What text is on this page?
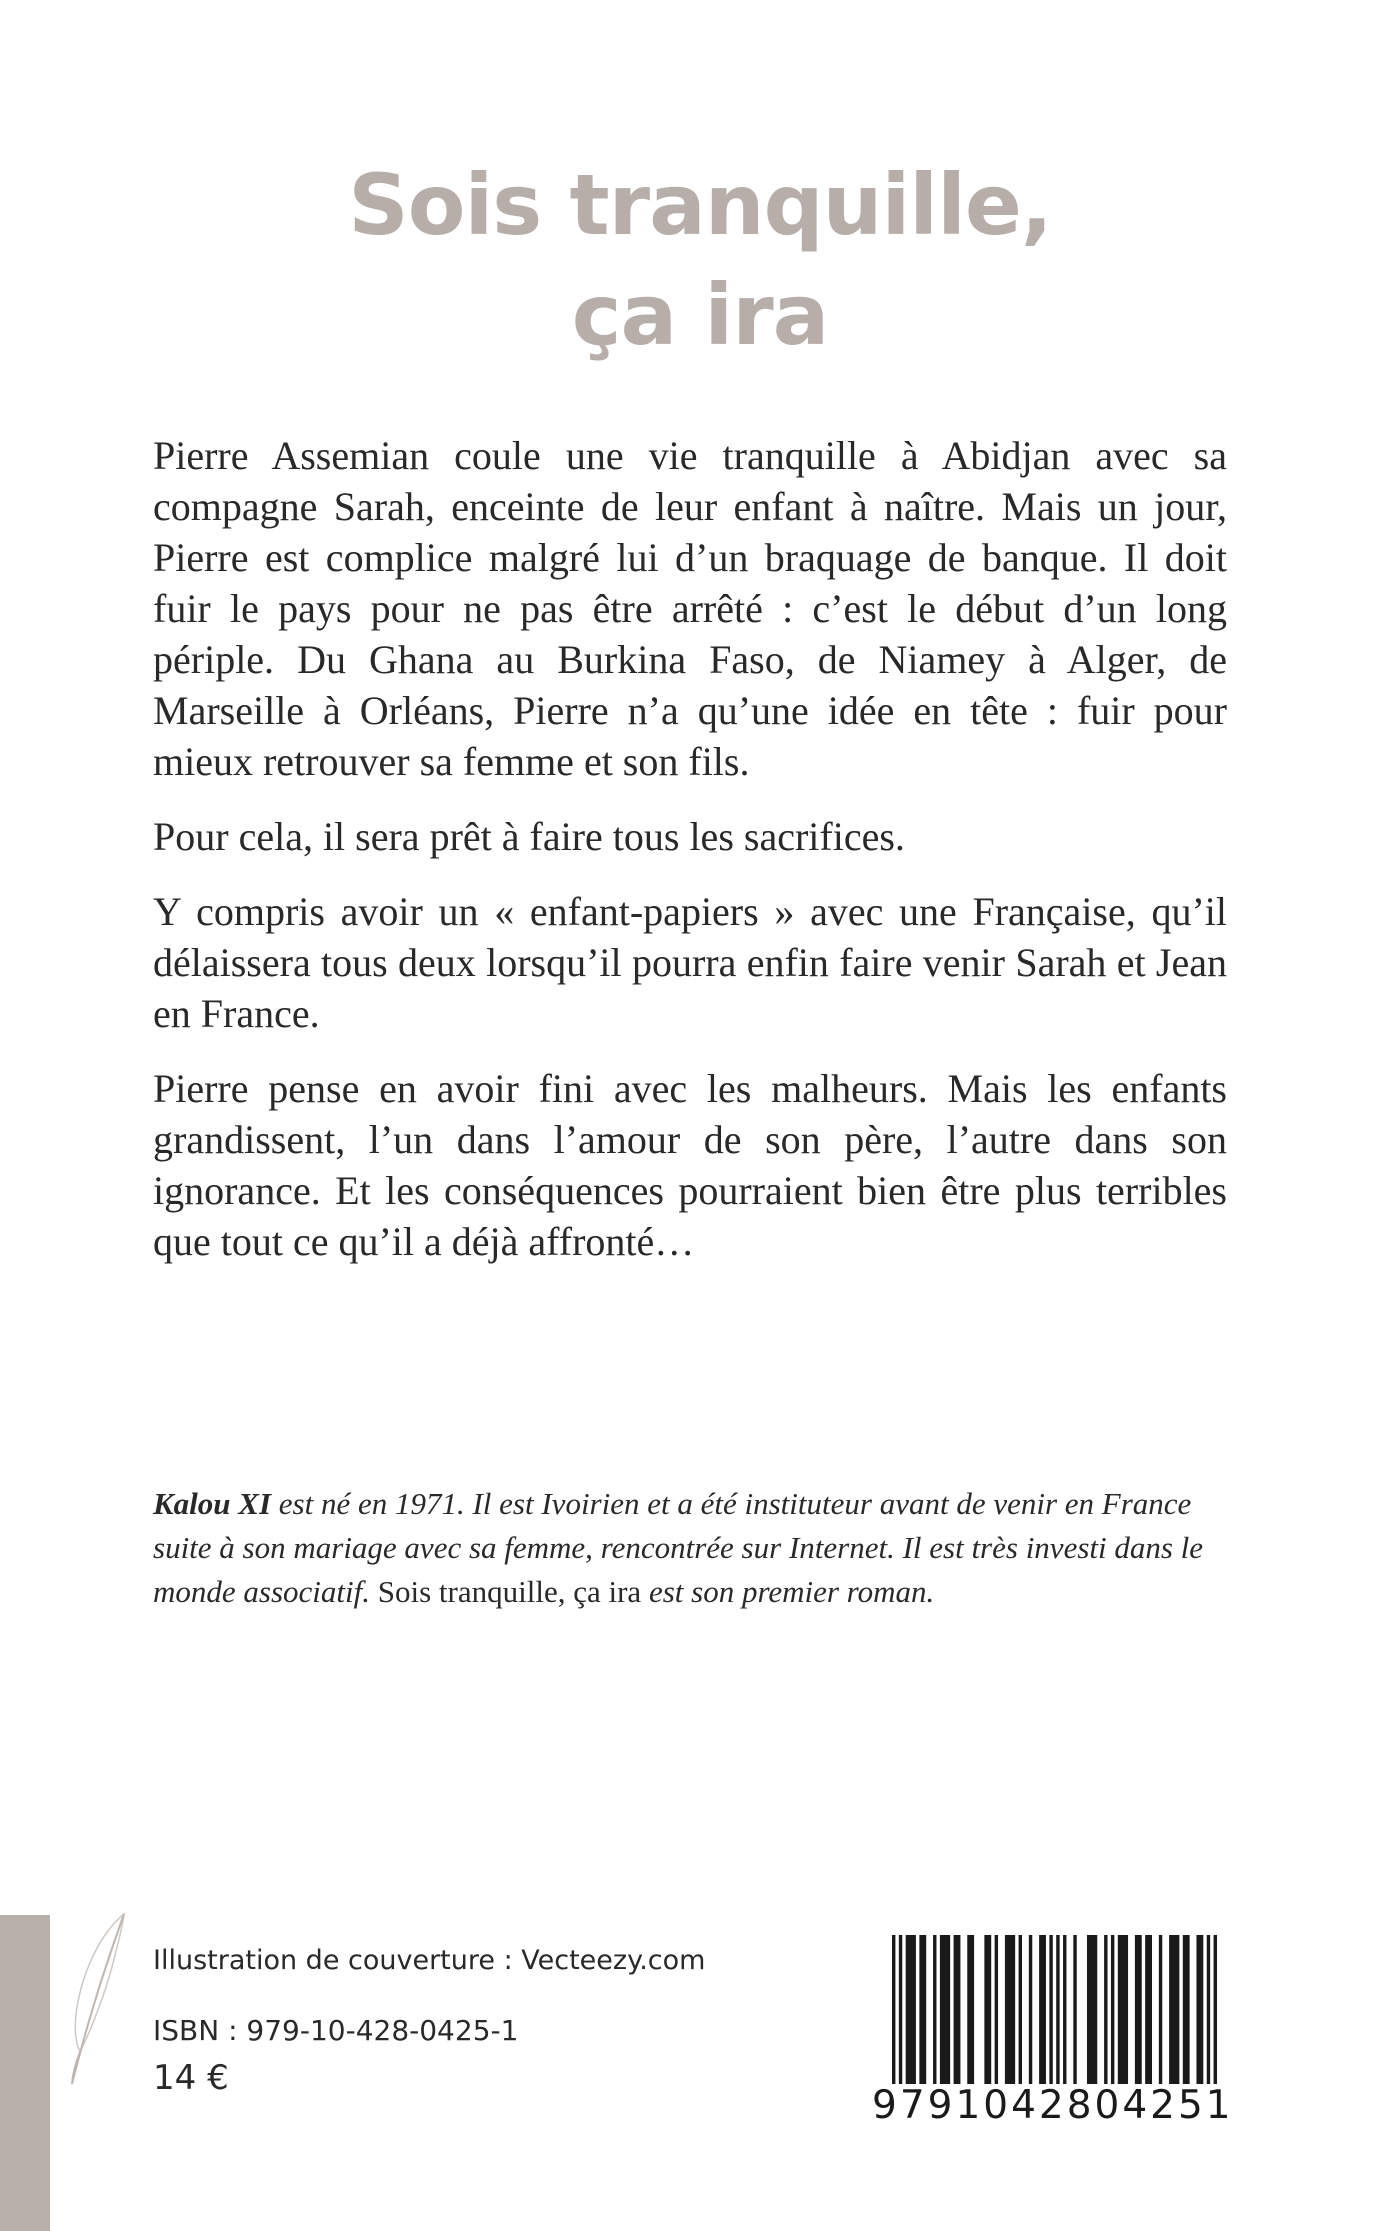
Sois tranquille,
ça ira

Pierre Assemian coule une vie tranquille à Abidjan avec sa compagne Sarah, enceinte de leur enfant à naître. Mais un jour, Pierre est complice malgré lui d’un braquage de banque. Il doit fuir le pays pour ne pas être arrêté : c’est le début d’un long périple. Du Ghana au Burkina Faso, de Niamey à Alger, de Marseille à Orléans, Pierre n’a qu’une idée en tête : fuir pour mieux retrouver sa femme et son fils.

Pour cela, il sera prêt à faire tous les sacrifices.

Y compris avoir un « enfant-papiers » avec une Française, qu’il délaissera tous deux lorsqu’il pourra enfin faire venir Sarah et Jean en France.

Pierre pense en avoir fini avec les malheurs. Mais les enfants grandissent, l’un dans l’amour de son père, l’autre dans son ignorance. Et les conséquences pourraient bien être plus terribles que tout ce qu’il a déjà affronté…

Kalou XI est né en 1971. Il est Ivoirien et a été instituteur avant de venir en France suite à son mariage avec sa femme, rencontrée sur Internet. Il est très investi dans le monde associatif. Sois tranquille, ça ira est son premier roman.

Illustration de couverture : Vecteezy.com
ISBN : 979-10-428-0425-1
14 €
9791042804251
